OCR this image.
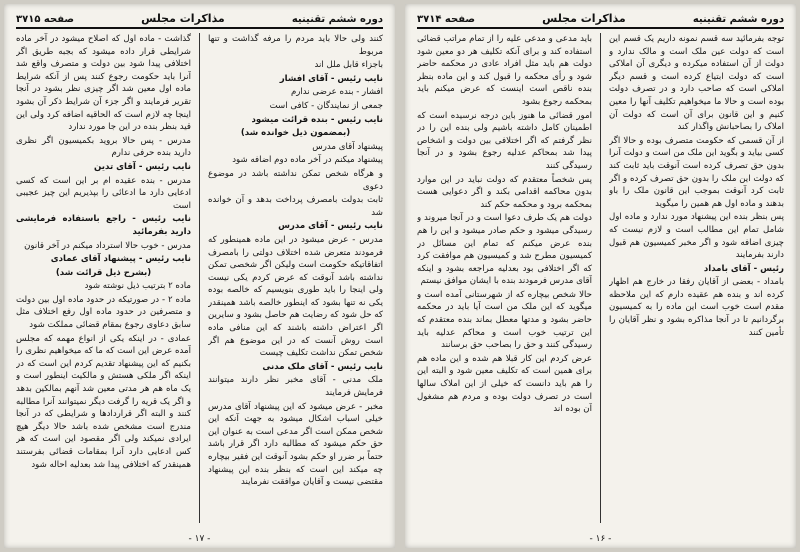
دوره ششم تقنینیه
مذاکرات مجلس
صفحه ۳۷۱۵

کنند ولی حالا باید مردم را مرفه گذاشت و تنها مربوط

باجزاء قابل ملل اند

نایب رئیس - آقای افشار

افشار - بنده عرضی ندارم

جمعی از نمایندگان - کافی است

نایب رئیس - بنده قرائت میشود

(بمضمون ذیل خوانده شد)

پیشنهاد آقای مدرس

پیشنهاد میکنم در آخر ماده دوم اضافه شود

و هرگاه شخص تمکن نداشته باشد در موضوع دعوی

ثابت بدولت بامصرف پرداخت بدهد و آن خوانده شد

نایب رئیس - آقای مدرس

مدرس - عرض میشود در این ماده همینطور که فرمودند متعرض شده اختلاف دولتی را بامصرف اتفاقاتیکه حکومت است ولیکن اگر شخصی تمکن نداشته باشد آنوقت که عرض کردم یکی نیست ولی اینجا را باید طوری بنویسیم که خالصه بوده یکی نه تنها بشود که اینطور خالصه باشد همینقدر که حل شود که رضایت هم حاصل بشود و سایرین اگر اعتراض داشته باشند که این منافی ماده است روش آنست که در این موضوع هم اگر شخص تمکن نداشت تکلیف چیست

نایب رئیس - آقای ملک مدنی

ملک مدنی - آقای مخبر نظر دارند میتوانند فرمایش فرمایند

مخبر - عرض میشود که این پیشنهاد آقای مدرس خیلی اسباب اشکال میشود به جهت آنکه این شخص ممکن است اگر مدعی است به عنوان این حق حکم میشود که مطالبه دارد اگر قرار باشد حتماً بر ضرر او حکم بشود آنوقت این فقیر بیچاره چه میکند این است که بنظر بنده این پیشنهاد مقتضی نیست و آقایان موافقت نفرمایند

گذاشت - ماده اول که اصلاح میشود در آخر ماده شرایطی قرار داده میشود که بجبه طریق اگر اختلافی پیدا شود بین دولت و متصرف واقع شد آنرا باید حکومت رجوع کنند پس از آنکه شرایط ماده اول معین شد اگر چیزی نظر بشود در آنجا تقریر فرمایند و اگر جزء آن شرایط ذکر آن بشود اینجا چه لازم است که الحاقیه اضافه کرد ولی این قید بنظر بنده در این جا مورد ندارد

مدرس - پس حالا بروید بکمیسیون اگر نظری دارید بنده حرفی ندارم

نایب رئیس - آقای تدین

مدرس - بنده عقیده ام بر این است که کسی ادعایی دارد ما ادعائی را بپذیریم این چیز عجیبی است

نایب رئیس - راجع باستفاده فرمایشی دارید بفرمائید

مدرس - خوب حالا استرداد میکنم در آخر قانون

نایب رئیس - پیشنهاد آقای عمادی

(بشرح ذیل قرائت شد)

ماده ۲ بترتیب ذیل نوشته شود

ماده ۲ - در صورتیکه در حدود ماده اول بین دولت و متصرفین در حدود ماده اول رفع اختلاف مثل سابق دعاوی رجوع بمقام قضائی مملکت شود

عمادی - در اینکه یکی از انواع مهمه که مجلس آمده عرض این است که ما که میخواهیم نظری را بکنیم که این پیشنهاد تقدیم کردم این است که در اینکه اگر ملکی هستش و مالکیت اینطور است و یک ماه هم هر مدتی معین شد آنهم بمالکین بدهد و اگر یک قریه را گرفت دیگر نمیتوانند آنرا مطالبه کنند و البته اگر قراردادها و شرایطی که در آنجا مندرج است مشخص شده باشد حالا دیگر هیچ ایرادی نمیکند ولی اگر مقصود این است که هر کس ادعایی دارد آنرا بمقامات قضائی بفرستند همینقدر که اختلافی پیدا شد بعدلیه احاله شود

- ۱۷ -
دوره ششم تقنینیه
مذاکرات مجلس
صفحه ۳۷۱۴

توجه بفرمائید سه قسم نمونه داریم یک قسم این است که دولت عین ملک است و مالک ندارد و دولت از آن استفاده میکرده و دیگری آن املاکی است که دولت ابتیاع کرده است و قسم دیگر املاکی است که صاحب دارد و در تصرف دولت بوده است و حالا ما میخواهیم تکلیف آنها را معین کنیم و این قانون برای آن است که دولت آن املاک را بصاحبانش واگذار کند

از آن قسمی که حکومت متصرف بوده و حالا اگر کسی بیاید و بگوید این ملک من است و دولت آنرا بدون حق تصرف کرده است آنوقت باید ثابت کند که دولت این ملک را بدون حق تصرف کرده و اگر ثابت کرد آنوقت بموجب این قانون ملک را باو بدهند و ماده اول هم همین را میگوید

پس بنظر بنده این پیشنهاد مورد ندارد و ماده اول شامل تمام این مطالب است و لازم نیست که چیزی اضافه شود و اگر مخبر کمیسیون هم قبول دارند بفرمایند

رئیس - آقای بامداد

بامداد - بعضی از آقایان رفقا در خارج هم اظهار کرده اند و بنده هم عقیده دارم که این ملاحظه مقدم است خوب است این ماده را به کمیسیون برگردانیم تا در آنجا مذاکره بشود و نظر آقایان را تأمین کنند

باید مدعی و مدعی علیه را از تمام مراتب قضائی استفاده کند و برای آنکه تکلیف هر دو معین شود دولت هم باید مثل افراد عادی در محکمه حاضر شود و رأی محکمه را قبول کند و این ماده بنظر بنده ناقص است اینست که عرض میکنم باید بمحکمه رجوع بشود

امور قضائی ما هنوز باین درجه نرسیده است که اطمینان کامل داشته باشیم ولی بنده این را در نظر گرفتم که اگر اختلافی بین دولت و اشخاص پیدا شد بمحاکم عدلیه رجوع بشود و در آنجا رسیدگی کنند

پس شخصاً معتقدم که دولت نباید در این موارد بدون محاکمه اقدامی بکند و اگر دعوایی هست بمحکمه برود و محکمه حکم کند

دولت هم یک طرف دعوا است و در آنجا میروند و رسیدگی میشود و حکم صادر میشود و این را هم بنده عرض میکنم که تمام این مسائل در کمیسیون مطرح شد و کمیسیون هم موافقت کرد که اگر اختلافی بود بعدلیه مراجعه بشود و اینکه آقای مدرس فرمودند بنده با ایشان موافق نیستم

حالا شخص بیچاره که از شهرستانی آمده است و میگوید که این ملک من است آیا باید در محکمه حاضر بشود و مدتها معطل بماند بنده معتقدم که این ترتیب خوب است و محاکم عدلیه باید رسیدگی کنند و حق را بصاحب حق برسانند

عرض کردم این کار قبلا هم شده و این ماده هم برای همین است که تکلیف معین شود و البته این را هم باید دانست که خیلی از این املاک سالها است در تصرف دولت بوده و مردم هم مشغول آن بوده اند

- ۱۶ -
